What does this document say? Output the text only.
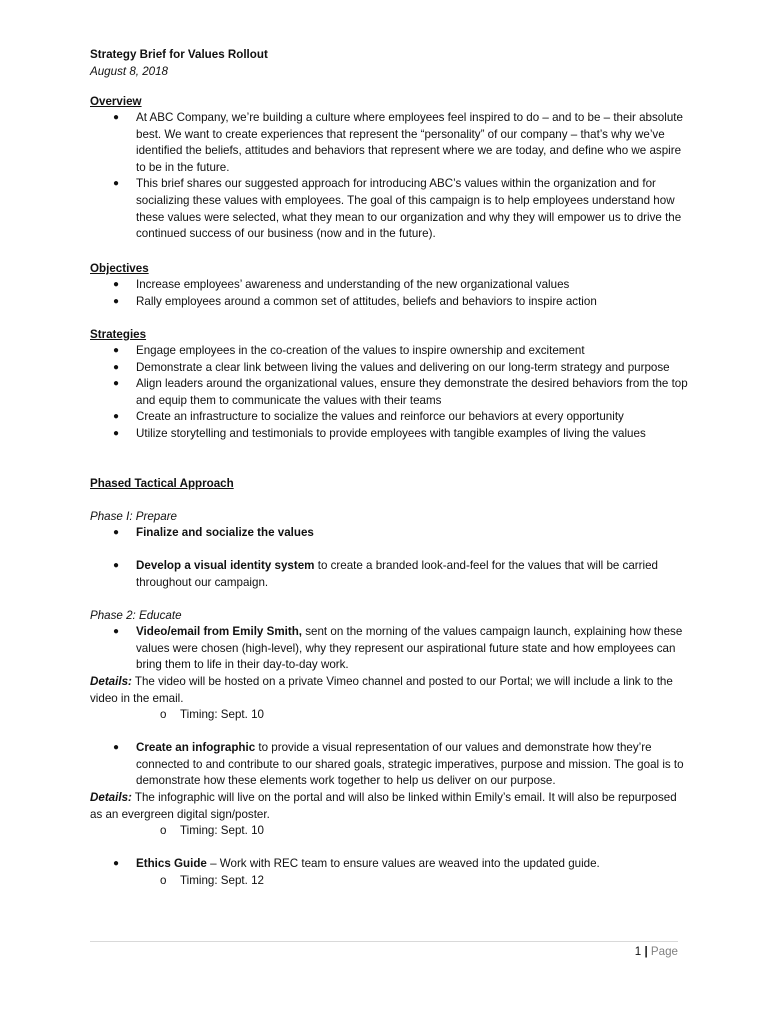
Strategy Brief for Values Rollout
August 8, 2018
Overview
● At ABC Company, we’re building a culture where employees feel inspired to do – and to be – their absolute best. We want to create experiences that represent the “personality” of our company – that’s why we’ve identified the beliefs, attitudes and behaviors that represent where we are today, and define who we aspire to be in the future.
● This brief shares our suggested approach for introducing ABC’s values within the organization and for socializing these values with employees. The goal of this campaign is to help employees understand how these values were selected, what they mean to our organization and why they will empower us to drive the continued success of our business (now and in the future).
Objectives
● Increase employees’ awareness and understanding of the new organizational values
● Rally employees around a common set of attitudes, beliefs and behaviors to inspire action
Strategies
● Engage employees in the co-creation of the values to inspire ownership and excitement
● Demonstrate a clear link between living the values and delivering on our long-term strategy and purpose
● Align leaders around the organizational values, ensure they demonstrate the desired behaviors from the top and equip them to communicate the values with their teams
● Create an infrastructure to socialize the values and reinforce our behaviors at every opportunity
● Utilize storytelling and testimonials to provide employees with tangible examples of living the values
Phased Tactical Approach
Phase I: Prepare
● Finalize and socialize the values
● Develop a visual identity system to create a branded look-and-feel for the values that will be carried throughout our campaign.
Phase 2: Educate
● Video/email from Emily Smith, sent on the morning of the values campaign launch, explaining how these values were chosen (high-level), why they represent our aspirational future state and how employees can bring them to life in their day-to-day work.
Details: The video will be hosted on a private Vimeo channel and posted to our Portal; we will include a link to the video in the email.
o Timing: Sept. 10
● Create an infographic to provide a visual representation of our values and demonstrate how they’re connected to and contribute to our shared goals, strategic imperatives, purpose and mission. The goal is to demonstrate how these elements work together to help us deliver on our purpose.
Details: The infographic will live on the portal and will also be linked within Emily’s email. It will also be repurposed as an evergreen digital sign/poster.
o Timing: Sept. 10
● Ethics Guide – Work with REC team to ensure values are weaved into the updated guide.
o Timing: Sept. 12
1 | Page
